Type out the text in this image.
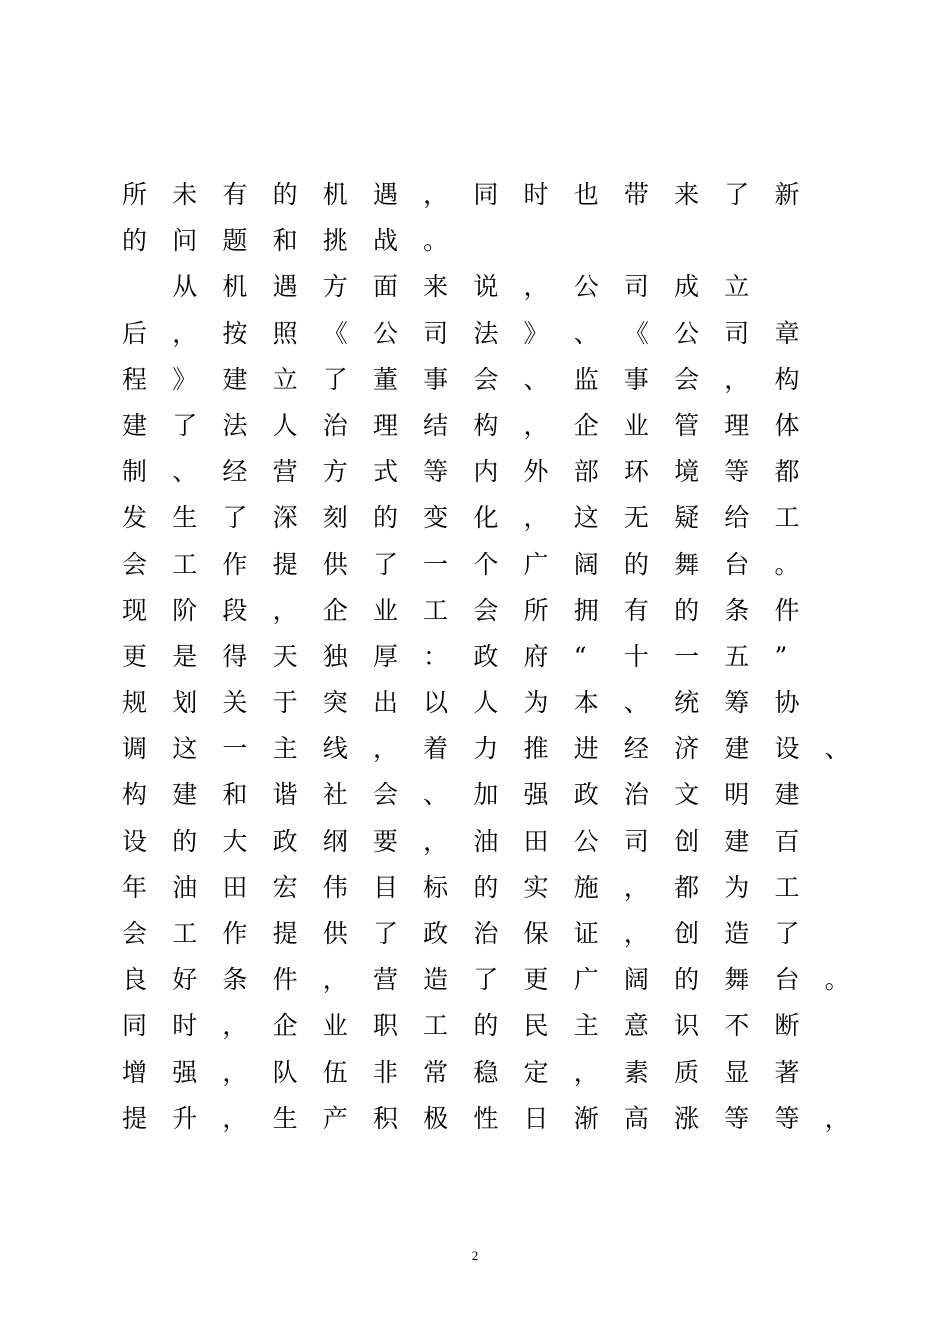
所 未 有 的 机 遇 ， 同 时 也 带 来 了 新
的 问 题 和 挑 战 。
　从 机 遇 方 面 来 说 ， 公 司 成 立
后 ， 按 照 《 公 司 法 》 、 《 公 司 章
程 》 建 立 了 董 事 会 、 监 事 会 ， 构
建 了 法 人 治 理 结 构 ， 企 业 管 理 体
制 、 经 营 方 式 等 内 外 部 环 境 等 都
发 生 了 深 刻 的 变 化 ， 这 无 疑 给 工
会 工 作 提 供 了 一 个 广 阔 的 舞 台 。
现 阶 段 ， 企 业 工 会 所 拥 有 的 条 件
更 是 得 天 独 厚 ： 政 府 “ 十 一 五 ”
规 划 关 于 突 出 以 人 为 本 、 统 筹 协
调 这 一 主 线 ， 着 力 推 进 经 济 建 设 、
构 建 和 谐 社 会 、 加 强 政 治 文 明 建
设 的 大 政 纲 要 ， 油 田 公 司 创 建 百
年 油 田 宏 伟 目 标 的 实 施 ， 都 为 工
会 工 作 提 供 了 政 治 保 证 ， 创 造 了
良 好 条 件 ， 营 造 了 更 广 阔 的 舞 台 。
同 时 ， 企 业 职 工 的 民 主 意 识 不 断
增 强 ， 队 伍 非 常 稳 定 ， 素 质 显 著
提 升 ， 生 产 积 极 性 日 渐 高 涨 等 等 ，
2
